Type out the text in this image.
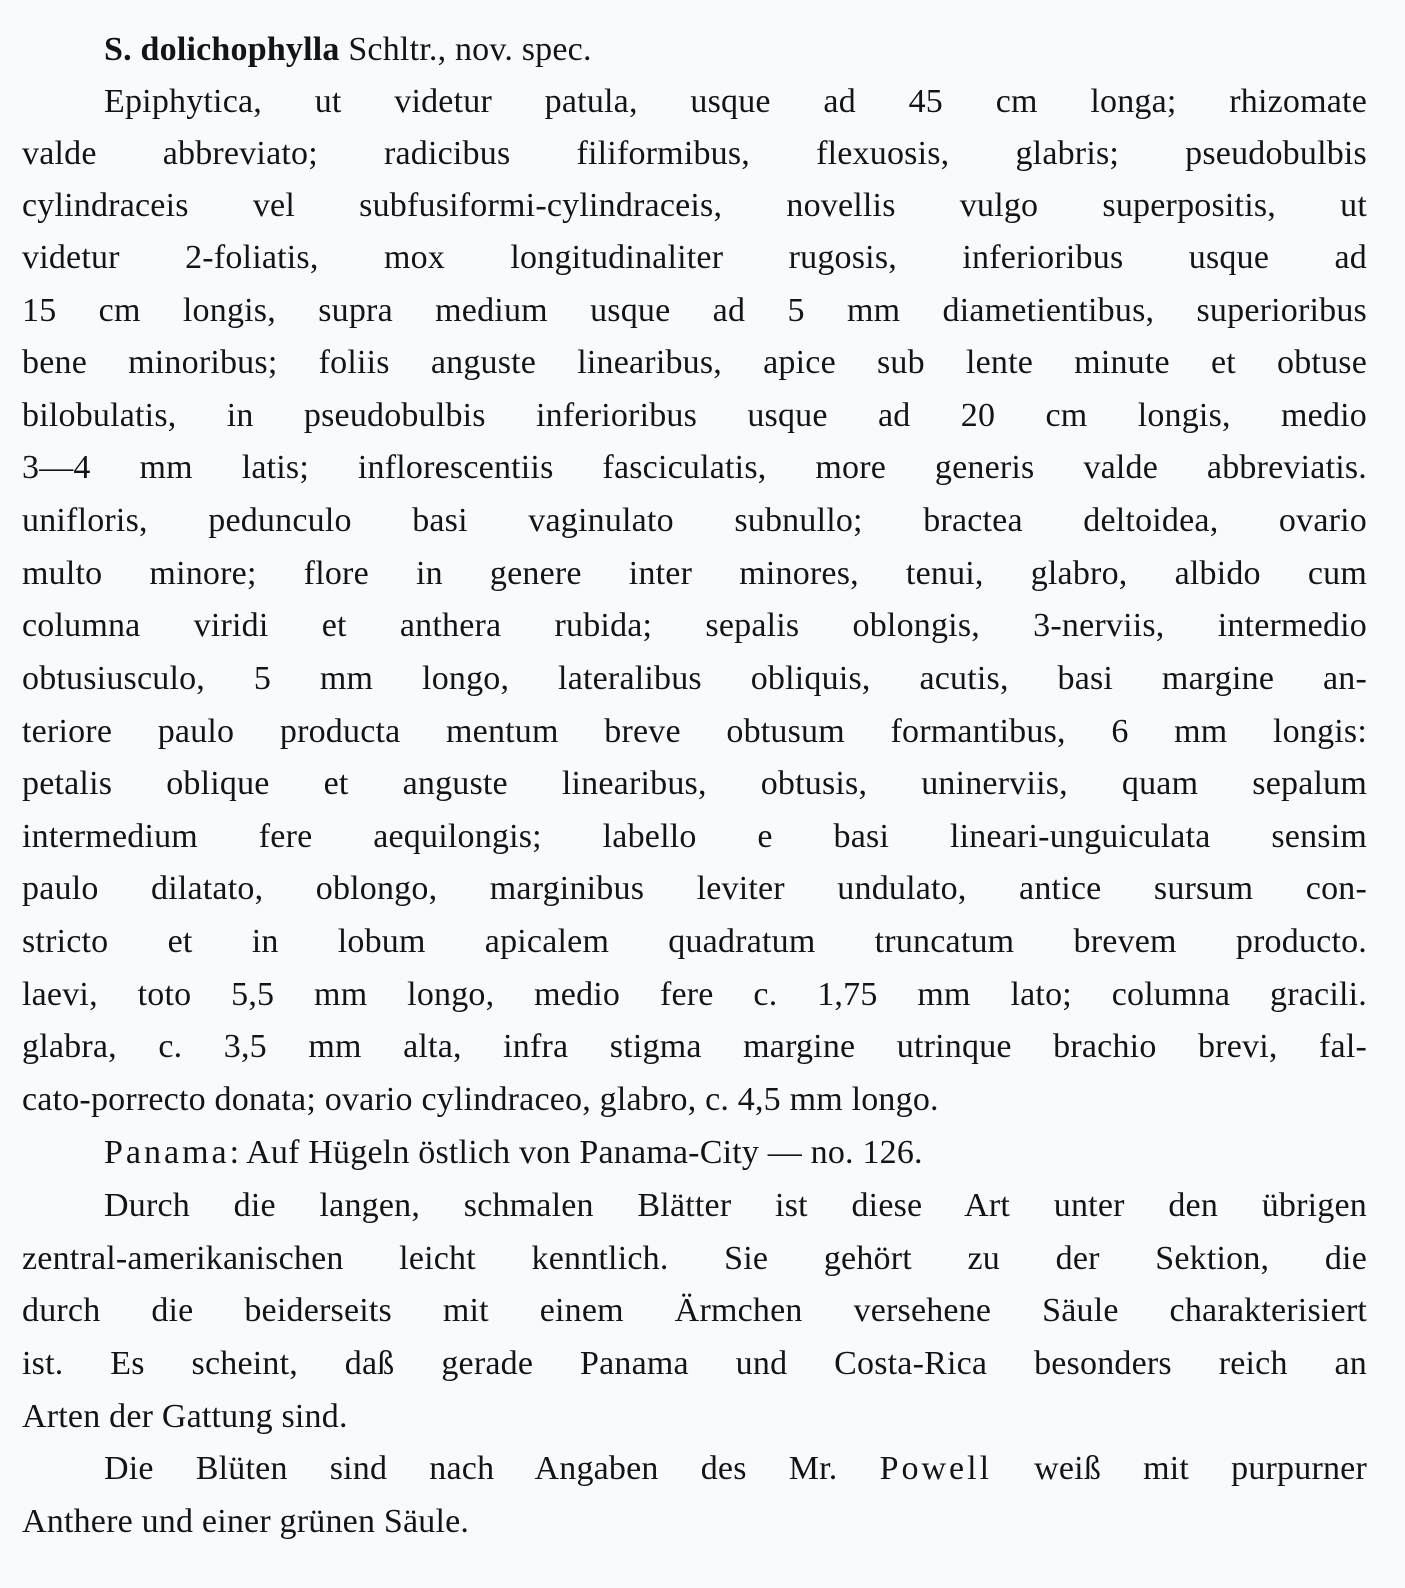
S. dolichophylla Schltr., nov. spec.
Epiphytica, ut videtur patula, usque ad 45 cm longa; rhizomate
valde abbreviato; radicibus filiformibus, flexuosis, glabris; pseudobulbis
cylindraceis vel subfusiformi-cylindraceis, novellis vulgo superpositis, ut
videtur 2-foliatis, mox longitudinaliter rugosis, inferioribus usque ad
15 cm longis, supra medium usque ad 5 mm diametientibus, superioribus
bene minoribus; foliis anguste linearibus, apice sub lente minute et obtuse
bilobulatis, in pseudobulbis inferioribus usque ad 20 cm longis, medio
3—4 mm latis; inflorescentiis fasciculatis, more generis valde abbreviatis.
unifloris, pedunculo basi vaginulato subnullo; bractea deltoidea, ovario
multo minore; flore in genere inter minores, tenui, glabro, albido cum
columna viridi et anthera rubida; sepalis oblongis, 3-nerviis, intermedio
obtusiusculo, 5 mm longo, lateralibus obliquis, acutis, basi margine an-
teriore paulo producta mentum breve obtusum formantibus, 6 mm longis:
petalis oblique et anguste linearibus, obtusis, uninerviis, quam sepalum
intermedium fere aequilongis; labello e basi lineari-unguiculata sensim
paulo dilatato, oblongo, marginibus leviter undulato, antice sursum con-
stricto et in lobum apicalem quadratum truncatum brevem producto.
laevi, toto 5,5 mm longo, medio fere c. 1,75 mm lato; columna gracili.
glabra, c. 3,5 mm alta, infra stigma margine utrinque brachio brevi, fal-
cato-porrecto donata; ovario cylindraceo, glabro, c. 4,5 mm longo.
Panama: Auf Hügeln östlich von Panama-City — no. 126.
Durch die langen, schmalen Blätter ist diese Art unter den übrigen
zentral-amerikanischen leicht kenntlich. Sie gehört zu der Sektion, die
durch die beiderseits mit einem Ärmchen versehene Säule charakterisiert
ist. Es scheint, daß gerade Panama und Costa-Rica besonders reich an
Arten der Gattung sind.
Die Blüten sind nach Angaben des Mr. Powell weiß mit purpurner
Anthere und einer grünen Säule.
